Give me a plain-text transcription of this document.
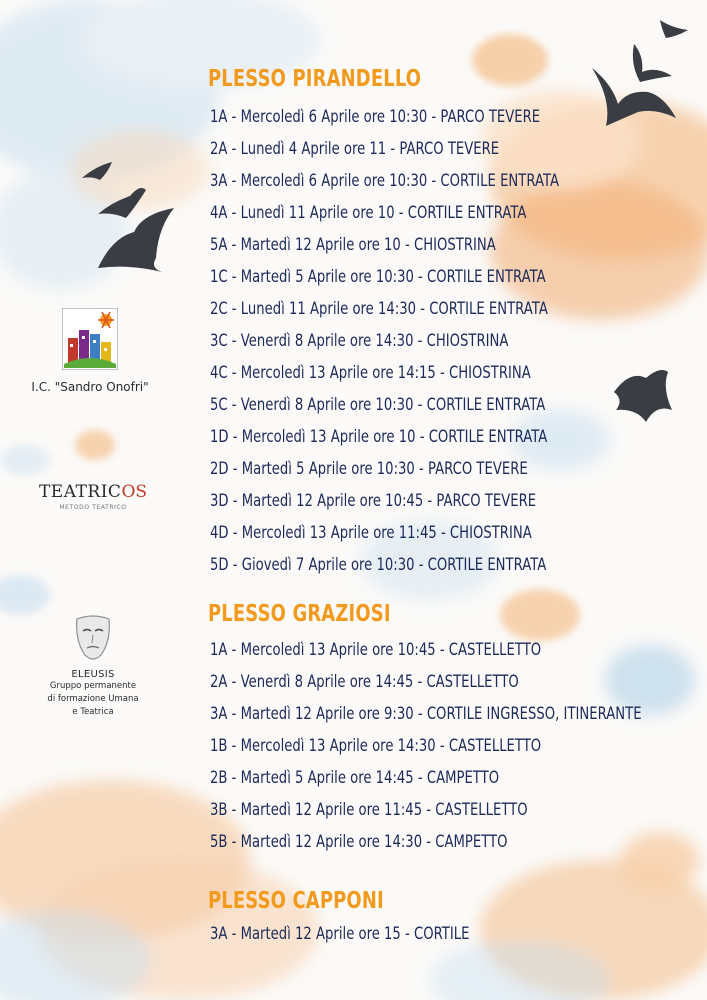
PLESSO PIRANDELLO

1A - Mercoledì 6 Aprile ore 10:30 - PARCO TEVERE

2A - Lunedì 4 Aprile ore 11 - PARCO TEVERE

3A - Mercoledì 6 Aprile ore 10:30 - CORTILE ENTRATA

4A - Lunedì 11 Aprile ore 10 - CORTILE ENTRATA

5A - Martedì 12 Aprile ore 10 - CHIOSTRINA

1C - Martedì 5 Aprile ore 10:30 - CORTILE ENTRATA

2C - Lunedì 11 Aprile ore 14:30 - CORTILE ENTRATA

3C - Venerdì 8 Aprile ore 14:30 - CHIOSTRINA

4C - Mercoledì 13 Aprile ore 14:15 - CHIOSTRINA

5C - Venerdì 8 Aprile ore 10:30 - CORTILE ENTRATA

1D - Mercoledì 13 Aprile ore 10 - CORTILE ENTRATA

2D - Martedì 5 Aprile ore 10:30 - PARCO TEVERE

3D - Martedì 12 Aprile ore 10:45 - PARCO TEVERE

4D - Mercoledì 13 Aprile ore 11:45 - CHIOSTRINA

5D - Giovedì 7 Aprile ore 10:30 - CORTILE ENTRATA

PLESSO GRAZIOSI

1A - Mercoledì 13 Aprile ore 10:45 - CASTELLETTO

2A - Venerdì 8 Aprile ore 14:45 - CASTELLETTO

3A - Martedì 12 Aprile ore 9:30 - CORTILE INGRESSO, ITINERANTE

1B - Mercoledì 13 Aprile ore 14:30 - CASTELLETTO

2B - Martedì 5 Aprile ore 14:45 - CAMPETTO

3B - Martedì 12 Aprile ore 11:45 - CASTELLETTO

5B - Martedì 12 Aprile ore 14:30 - CAMPETTO

PLESSO CAPPONI

3A - Martedì 12 Aprile ore 15 - CORTILE

I.C. "Sandro Onofri"
TEATRICOS
METODO TEATRICO
ELEUSIS
Gruppo permanente
di formazione Umana
e Teatrica
